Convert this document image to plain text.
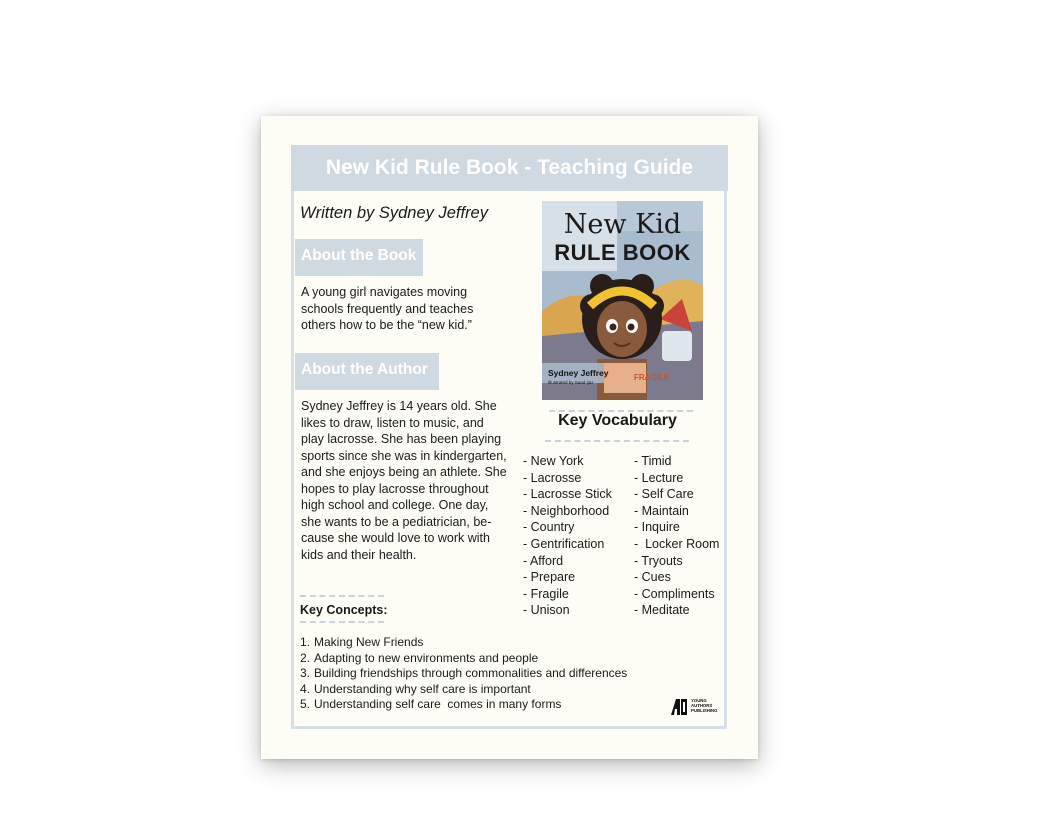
New Kid Rule Book - Teaching Guide
Written by Sydney Jeffrey
About the Book
A young girl navigates moving
schools frequently and teaches
others how to be the “new kid.”
About the Author
Sydney Jeffrey is 14 years old. She
likes to draw, listen to music, and
play lacrosse. She has been playing
sports since she was in kindergarten,
and she enjoys being an athlete. She
hopes to play lacrosse throughout
high school and college. One day,
she wants to be a pediatrician, be-
cause she would love to work with
kids and their health.
New Kid
RULE BOOK
Sydney Jeffrey
Illustrated by Saad Ijaz
FRAGILE
Key Vocabulary
- New York
- Lacrosse
- Lacrosse Stick
- Neighborhood
- Country
- Gentrification
- Afford
- Prepare
- Fragile
- Unison
- Timid
- Lecture
- Self Care
- Maintain
- Inquire
-  Locker Room
- Tryouts
- Cues
- Compliments
- Meditate
Key Concepts:
1. Making New Friends
2. Adapting to new environments and people
3. Building friendships through commonalities and differences
4. Understanding why self care is important
5. Understanding self care  comes in many forms	YOUNG
AUTHORS
PUBLISHING
